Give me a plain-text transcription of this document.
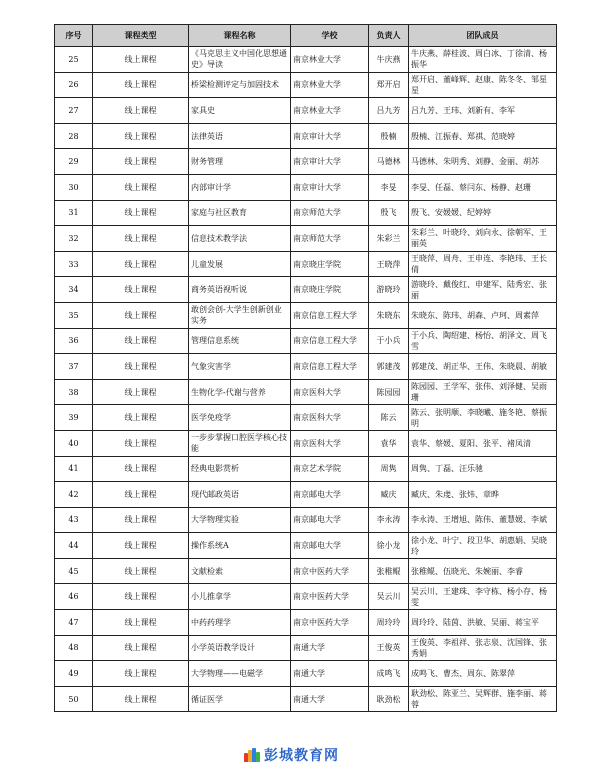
序号	课程类型	课程名称	学校	负责人	团队成员
25	线上课程	《马克思主义中国化思想通史》导读	南京林业大学	牛庆燕	牛庆燕、薛桂波、周白冰、丁徐清、杨振华
26	线上课程	桥梁检测评定与加固技术	南京林业大学	郑开启	郑开启、董峰辉、赵康、陈冬冬、邹星星
27	线上课程	家具史	南京林业大学	吕九芳	吕九芳、王玮、刘新有、李军
28	线上课程	法律英语	南京审计大学	殷楠	殷楠、江振春、郑祺、范晓婷
29	线上课程	财务管理	南京审计大学	马德林	马德林、朱明秀、刘静、金丽、胡苏
30	线上课程	内部审计学	南京审计大学	李旻	李旻、任磊、蔡闫东、杨静、赵珊
31	线上课程	家庭与社区教育	南京师范大学	殷飞	殷飞、安媛媛、纪婷婷
32	线上课程	信息技术教学法	南京师范大学	朱彩兰	朱彩兰、叶晓玲、刘向永、徐朝军、王丽英
33	线上课程	儿童发展	南京晓庄学院	王晓萍	王晓萍、周舟、王申连、李艳玮、王长倩
34	线上课程	商务英语视听说	南京晓庄学院	游晓玲	游晓玲、戴俊红、申建军、陆秀宏、张丽
35	线上课程	敢创会创-大学生创新创业实务	南京信息工程大学	朱晓东	朱晓东、陈玮、胡森、卢珂、周素萍
36	线上课程	管理信息系统	南京信息工程大学	于小兵	于小兵、陶绍建、杨怡、胡泽文、周飞雪
37	线上课程	气象灾害学	南京信息工程大学	郭建茂	郭建茂、胡正华、王伟、朱晓晨、胡敏
38	线上课程	生物化学-代谢与营养	南京医科大学	陈园园	陈园园、王学军、张伟、刘泽健、吴雨珊
39	线上课程	医学免疫学	南京医科大学	陈云	陈云、张明顺、李晓曦、施冬艳、蔡振明
40	线上课程	一步步掌握口腔医学核心技能	南京医科大学	袁华	袁华、蔡媛、夏阳、张平、褚凤清
41	线上课程	经典电影赏析	南京艺术学院	周隽	周隽、丁磊、汪乐驰
42	线上课程	现代邮政英语	南京邮电大学	臧庆	臧庆、朱虔、张炜、章晔
43	线上课程	大学物理实验	南京邮电大学	李永涛	李永涛、王增旭、陈伟、董慧媛、李斌
44	线上课程	操作系统A	南京邮电大学	徐小龙	徐小龙、叶宁、段卫华、胡惠娟、吴晓玲
45	线上课程	文献检索	南京中医药大学	张稚鲲	张稚鲲、伍晓光、朱婉丽、李睿
46	线上课程	小儿推拿学	南京中医药大学	吴云川	吴云川、王建珠、李守栋、杨小存、杨雯
47	线上课程	中药药理学	南京中医药大学	周玲玲	周玲玲、陆茵、洪敏、吴丽、蒋宝平
48	线上课程	小学英语教学设计	南通大学	王俊英	王俊英、李祖祥、张志泉、沈国锋、张秀娟
49	线上课程	大学物理——电磁学	南通大学	成鸣飞	成鸣飞、曹杰、周东、陈翠萍
50	线上课程	循证医学	南通大学	耿劲松	耿劲松、陈亚兰、吴辉群、施李丽、蒋蓉
彭城教育网
